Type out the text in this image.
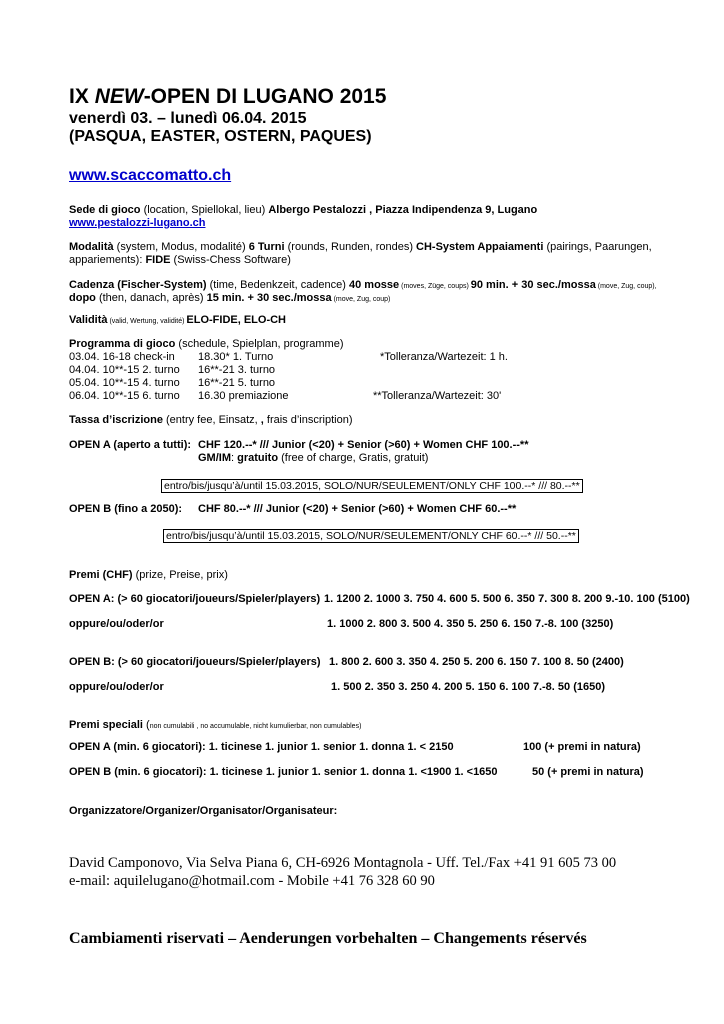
IX NEW-OPEN DI LUGANO 2015
venerdì 03. – lunedì 06.04. 2015
(PASQUA, EASTER, OSTERN, PAQUES)
www.scaccomatto.ch
Sede di gioco (location, Spiellokal, lieu) Albergo Pestalozzi , Piazza Indipendenza 9, Lugano
www.pestalozzi-lugano.ch
Modalità (system, Modus, modalité) 6 Turni (rounds, Runden, rondes) CH-System Appaiamenti (pairings, Paarungen,
appariements): FIDE (Swiss-Chess Software)
Cadenza (Fischer-System) (time, Bedenkzeit, cadence) 40 mosse (moves, Züge, coups) 90 min. + 30 sec./mossa (move, Zug, coup),
dopo (then, danach, après) 15 min. + 30 sec./mossa (move, Zug, coup)
Validità (valid, Wertung, validité) ELO-FIDE, ELO-CH
Programma di gioco (schedule, Spielplan, programme)
03.04. 16-18 check-in 18.30* 1. Turno	*Tolleranza/Wartezeit: 1 h.
04.04. 10**-15 2. turno 16**-21 3. turno
05.04. 10**-15 4. turno 16**-21 5. turno
06.04. 10**-15 6. turno 16.30 premiazione	**Tolleranza/Wartezeit: 30'
Tassa d’iscrizione (entry fee, Einsatz, , frais d’inscription)
OPEN A (aperto a tutti): CHF 120.--* /// Junior (<20) + Senior (>60) + Women CHF 100.--**
GM/IM: gratuito (free of charge, Gratis, gratuit)
entro/bis/jusqu’à/until 15.03.2015, SOLO/NUR/SEULEMENT/ONLY CHF 100.--* /// 80.--**
OPEN B (fino a 2050): CHF 80.--* /// Junior (<20) + Senior (>60) + Women CHF 60.--**
entro/bis/jusqu’à/until 15.03.2015, SOLO/NUR/SEULEMENT/ONLY CHF 60.--* /// 50.--**
Premi (CHF) (prize, Preise, prix)
OPEN A: (> 60 giocatori/joueurs/Spieler/players) 1. 1200 2. 1000 3. 750 4. 600 5. 500 6. 350 7. 300 8. 200 9.-10. 100 (5100)
oppure/ou/oder/or	1. 1000 2. 800 3. 500 4. 350 5. 250 6. 150 7.-8. 100 (3250)
OPEN B: (> 60 giocatori/joueurs/Spieler/players) 1. 800 2. 600 3. 350 4. 250 5. 200 6. 150 7. 100 8. 50 (2400)
oppure/ou/oder/or	1. 500 2. 350 3. 250 4. 200 5. 150 6. 100 7.-8. 50 (1650)
Premi speciali (non cumulabili , no accumulable, nicht kumulierbar, non cumulables)
OPEN A (min. 6 giocatori): 1. ticinese 1. junior 1. senior 1. donna 1. < 2150	100 (+ premi in natura)
OPEN B (min. 6 giocatori): 1. ticinese 1. junior 1. senior 1. donna 1. <1900 1. <1650	50 (+ premi in natura)
Organizzatore/Organizer/Organisator/Organisateur:
David Camponovo, Via Selva Piana 6, CH-6926 Montagnola - Uff. Tel./Fax +41 91 605 73 00
e-mail: aquilelugano@hotmail.com - Mobile +41 76 328 60 90
Cambiamenti riservati – Aenderungen vorbehalten – Changements réservés
